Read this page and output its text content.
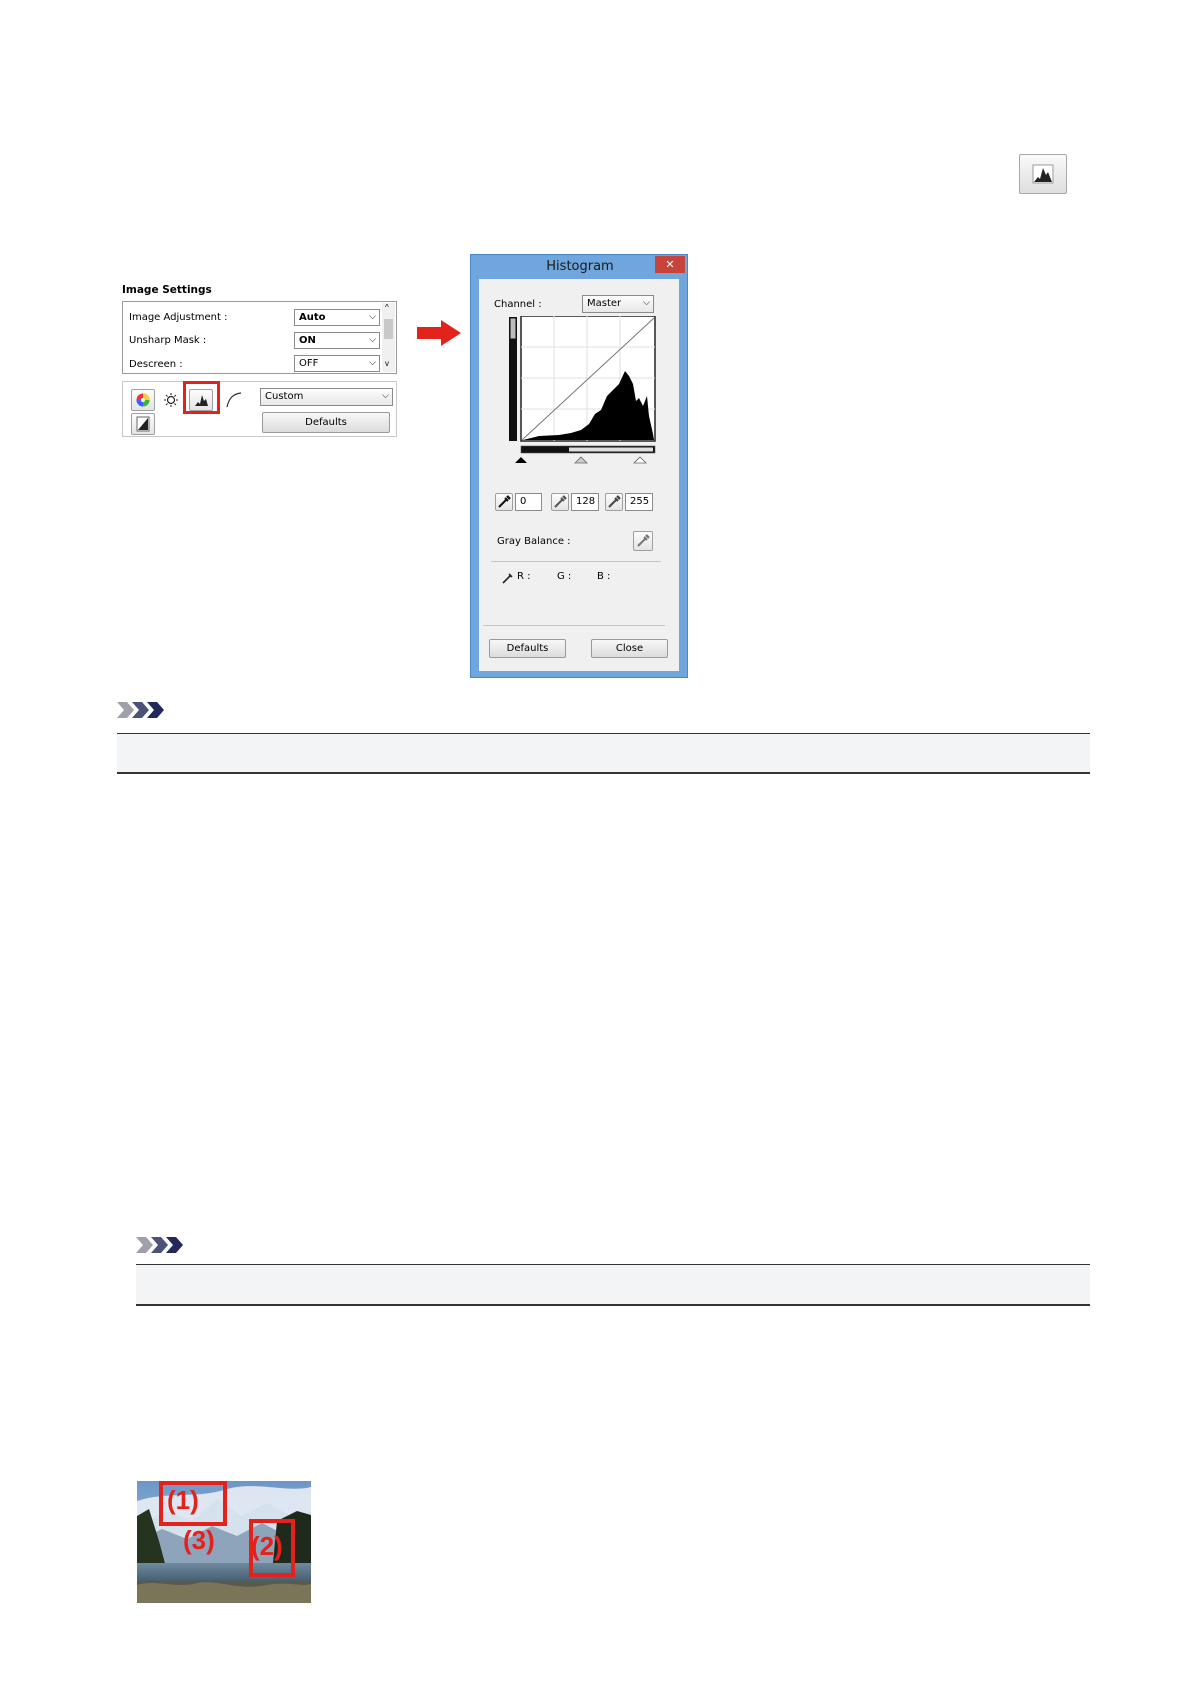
Image Settings
Image Adjustment :	Auto	⌵
Unsharp Mask :	ON	⌵
Descreen :	OFF	⌵
^
v
Custom	⌵
Defaults
Histogram	✕
Channel :	Master ⌵
0	128	255
Gray Balance :
R :	G :	B :
Defaults	Close
(1)
(2)
(3)
